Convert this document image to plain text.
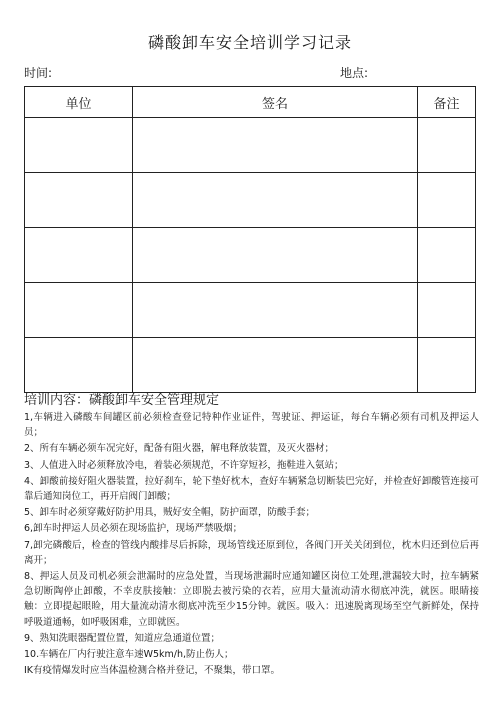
磷酸卸车安全培训学习记录
时间:	地点:
单位	签名	备注

培训内容：磷酸卸车安全管理规定

1,车辆进入磷酸车间罐区前必须检查登记特种作业证件，驾驶证、押运证，每台车辆必须有司机及押运人员；

2、所有车辆必须车况完好，配备有阻火器，解电释放装置，及灭火器材；

3、人值进入时必须释放冷电，着装必须规范，不许穿短衫，拖鞋进入氨站；

4、卸酸前接好阻火器装置，拉好刹车，轮下垫好枕木，查好车辆紧急切断装巴完好，并检查好卸酸管连接可靠后通知岗位工，再开启阀门卸酸；

5、卸车时必须穿戴好防护用具，贼好安全帽，防护面罩，防酸手套；

6,卸车时押运人员必须在现场监护，现场严禁吸烟；

7,卸完磷酸后，检查的管线内酸排尽后拆除，现场管线还原到位，各阀门开关关闭到位，枕木归还到位后再离开；

8、押运人员及司机必须会泄漏时的应急处置，当现场泄漏时应通知罐区岗位工处理,泄漏较大时，拉车辆紧急切断陶停止卸酸，不幸皮肤接触：立即脱去被污染的衣若，应用大量流动清水彻底冲洗，就医。眼睛接触：立即提起眼睑，用大量流动清水彻底冲洗至少15分钟。就医。吸入：迅速脱离现场至空气新鲜处，保持呼吸道通畅，如呼吸困难，立即就医。

9、熟知洗眼器配置位置，知道应急通道位置；

10.车辆在厂内行驶注意车速W5km∕h,防止伤人；

IK有疫情爆发时应当体温检测合格并登记，不聚集，带口罩。
